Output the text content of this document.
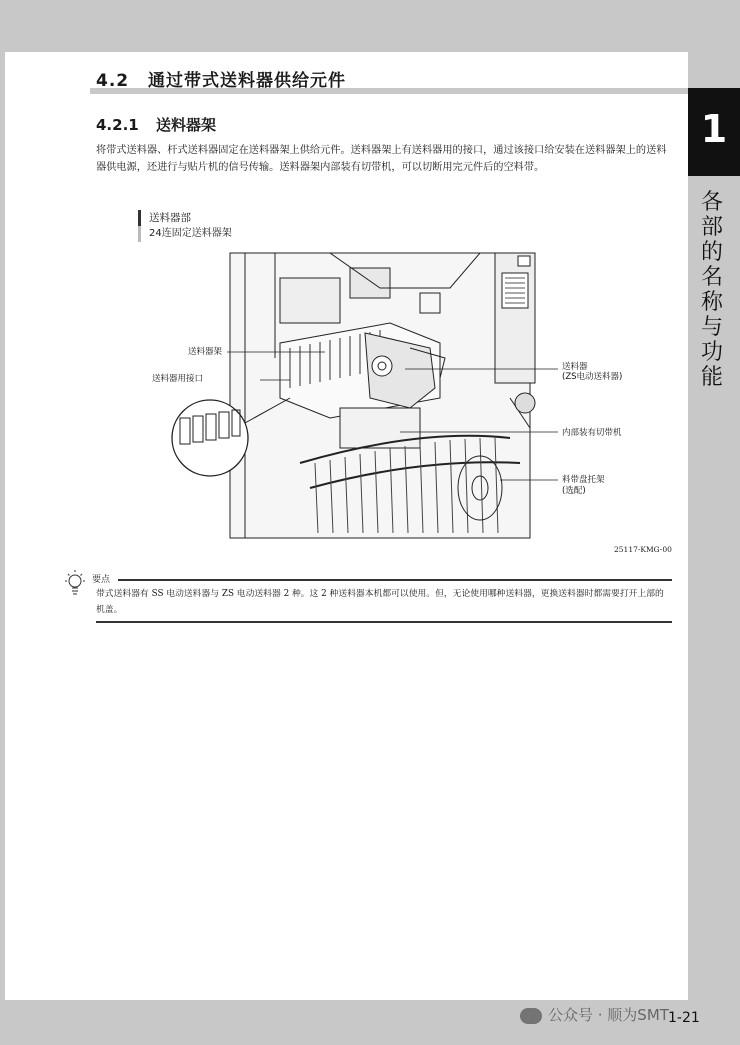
1
各部的名称与功能
4.2 通过带式送料器供给元件
4.2.1 送料器架
将带式送料器、杆式送料器固定在送料器架上供给元件。送料器架上有送料器用的接口，通过该接口给安装在送料器架上的送料器供电源，还进行与贴片机的信号传输。送料器架内部装有切带机，可以切断用完元件后的空料带。
送料器部
24连固定送料器架
送料器架
送料器用接口
送料器
(ZS电动送料器)
内部装有切带机
料带盘托架
(选配)
25117-KMG-00
要点
带式送料器有 SS 电动送料器与 ZS 电动送料器 2 种。这 2 种送料器本机都可以使用。但，无论使用哪种送料器，更换送料器时都需要打开上部的机盖。
公众号 · 顺为SMT 1-21
